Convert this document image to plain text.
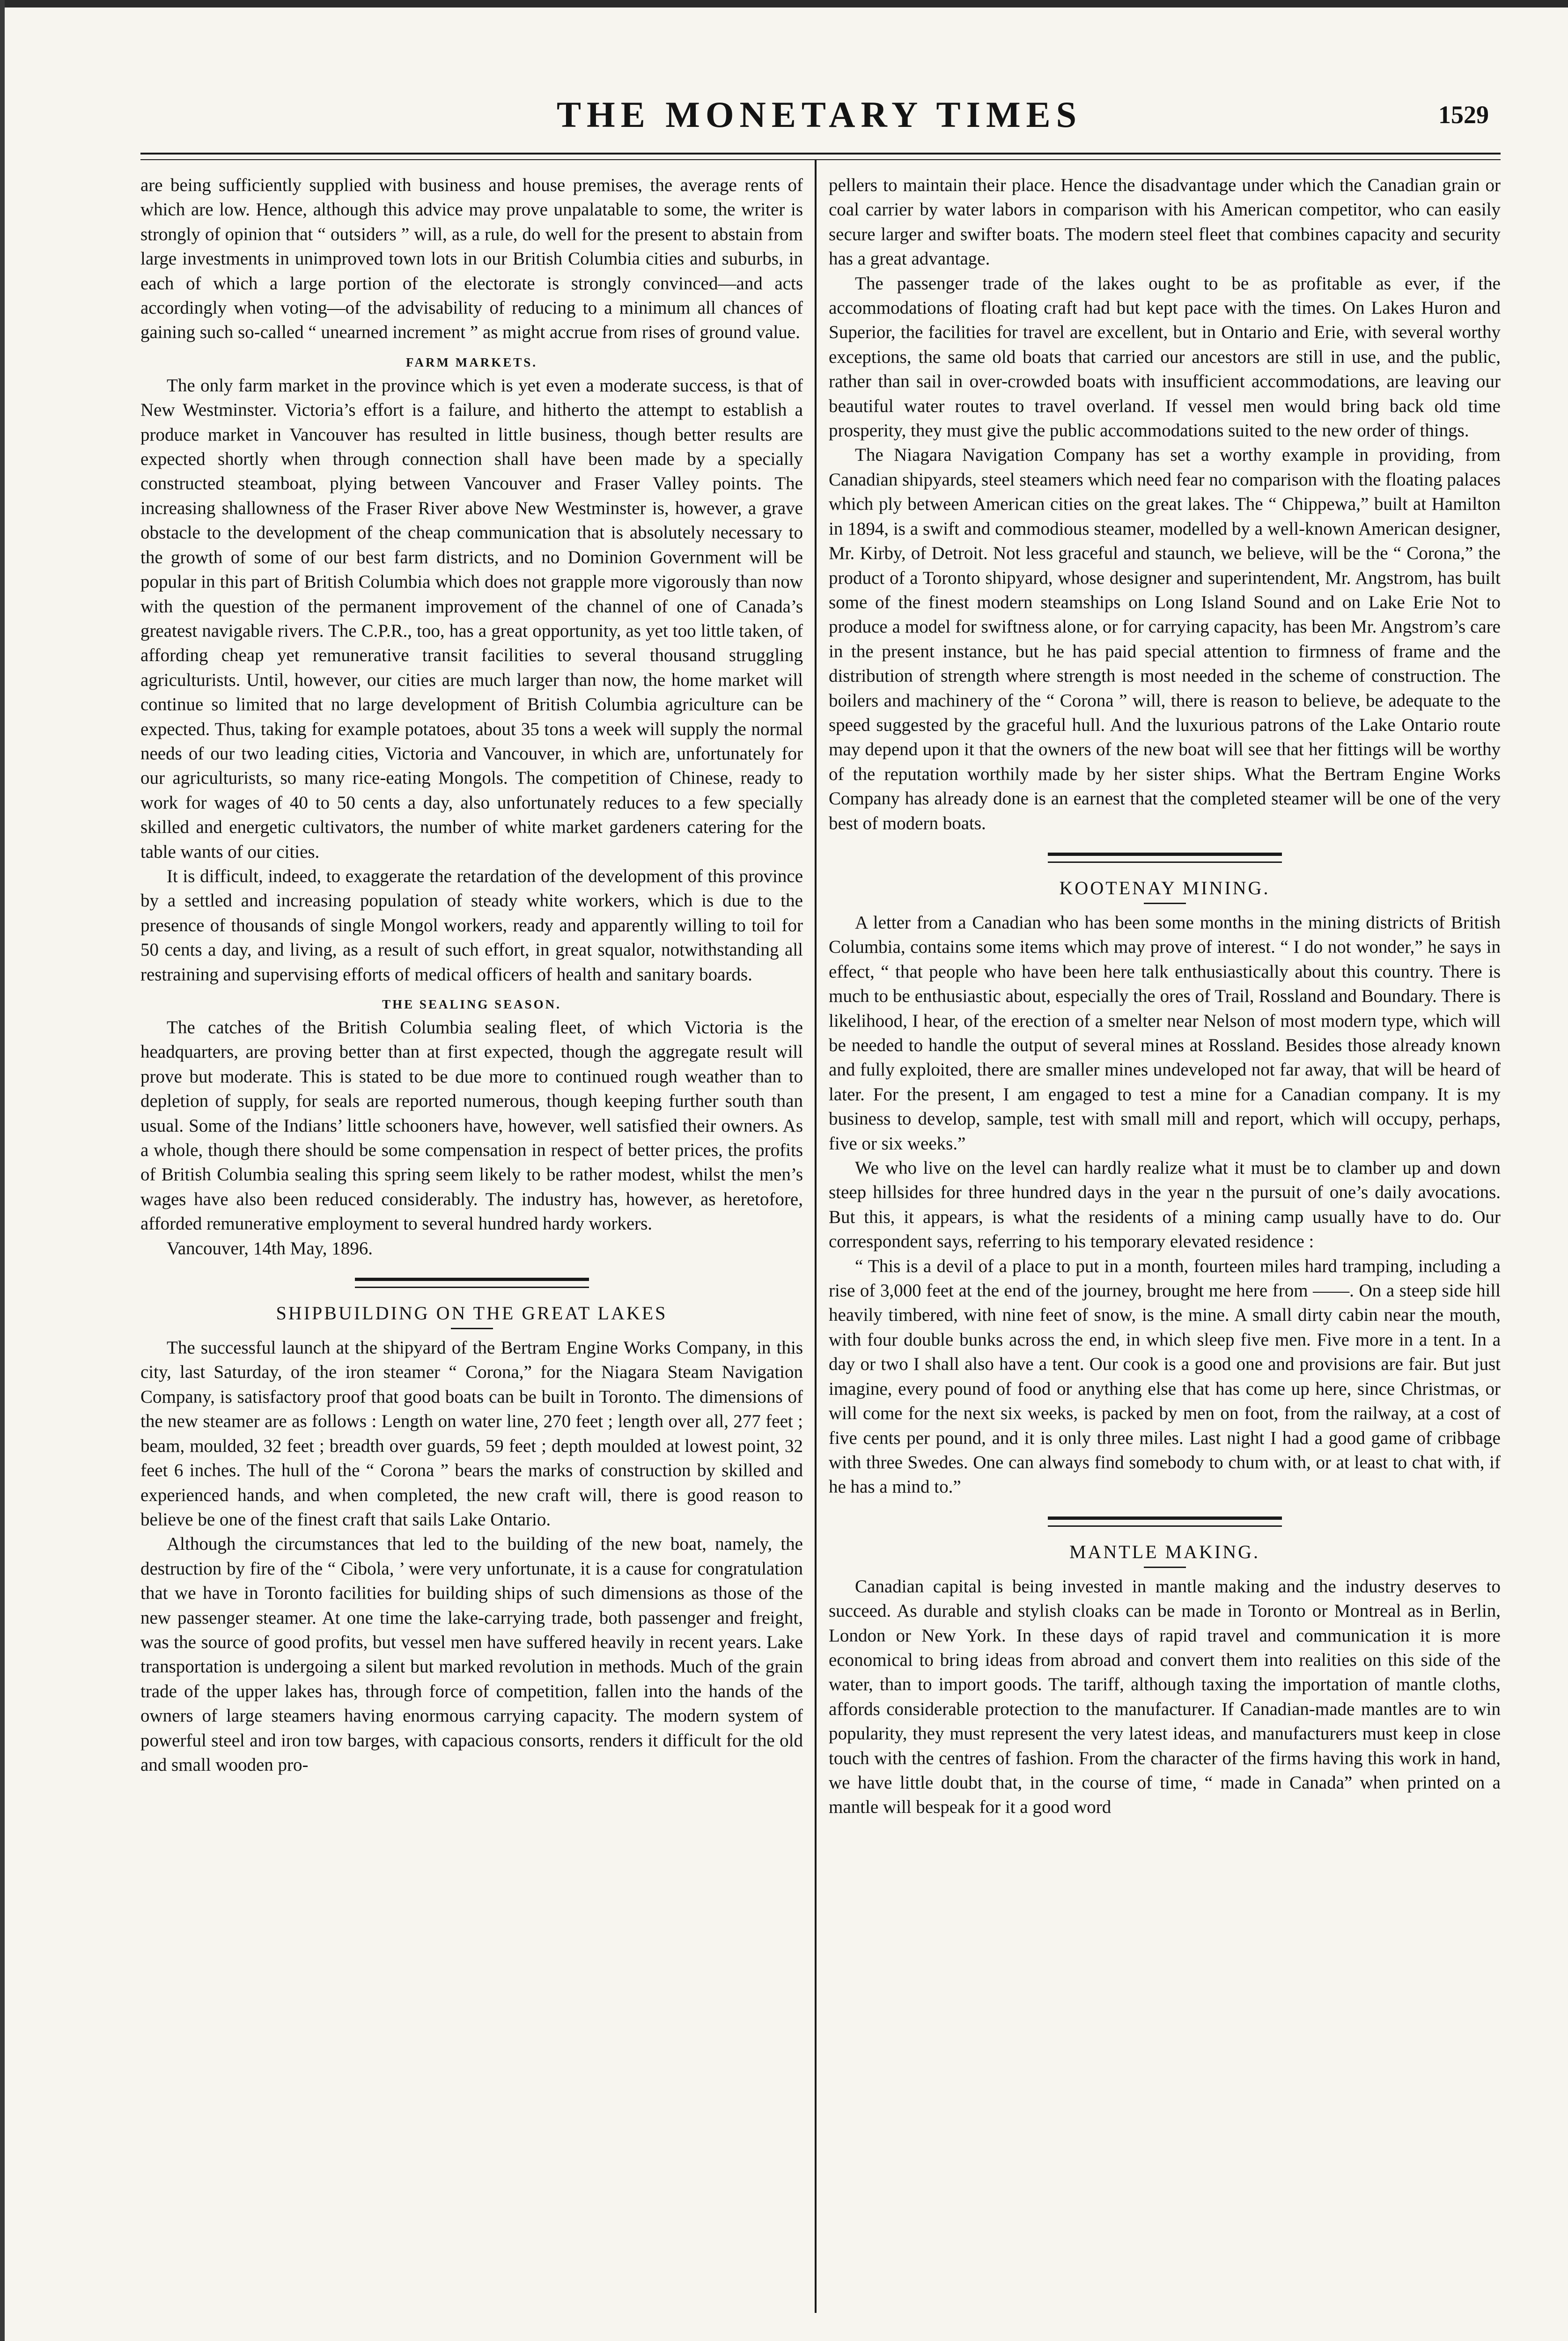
THE MONETARY TIMES	1529

are being sufficiently supplied with business and house premises, the average rents of which are low. Hence, although this advice may prove unpalatable to some, the writer is strongly of opinion that “ outsiders ” will, as a rule, do well for the present to abstain from large investments in unimproved town lots in our British Columbia cities and suburbs, in each of which a large portion of the electorate is strongly convinced—and acts accordingly when voting—of the advisability of reducing to a minimum all chances of gaining such so-called “ unearned increment ” as might accrue from rises of ground value.

FARM MARKETS.

The only farm market in the province which is yet even a moderate success, is that of New Westminster. Victoria’s effort is a failure, and hitherto the attempt to establish a produce market in Vancouver has resulted in little business, though better results are expected shortly when through connection shall have been made by a specially constructed steamboat, plying between Vancouver and Fraser Valley points. The increasing shallowness of the Fraser River above New Westminster is, however, a grave obstacle to the development of the cheap communication that is absolutely necessary to the growth of some of our best farm districts, and no Dominion Government will be popular in this part of British Columbia which does not grapple more vigorously than now with the question of the permanent improvement of the channel of one of Canada’s greatest navigable rivers. The C.P.R., too, has a great opportunity, as yet too little taken, of affording cheap yet remunerative transit facilities to several thousand struggling agriculturists. Until, however, our cities are much larger than now, the home market will continue so limited that no large development of British Columbia agriculture can be expected. Thus, taking for example potatoes, about 35 tons a week will supply the normal needs of our two leading cities, Victoria and Vancouver, in which are, unfortunately for our agriculturists, so many rice-eating Mongols. The competition of Chinese, ready to work for wages of 40 to 50 cents a day, also unfortunately reduces to a few specially skilled and energetic cultivators, the number of white market gardeners catering for the table wants of our cities.

It is difficult, indeed, to exaggerate the retardation of the development of this province by a settled and increasing population of steady white workers, which is due to the presence of thousands of single Mongol workers, ready and apparently willing to toil for 50 cents a day, and living, as a result of such effort, in great squalor, notwithstanding all restraining and supervising efforts of medical officers of health and sanitary boards.

THE SEALING SEASON.

The catches of the British Columbia sealing fleet, of which Victoria is the headquarters, are proving better than at first expected, though the aggregate result will prove but moderate. This is stated to be due more to continued rough weather than to depletion of supply, for seals are reported numerous, though keeping further south than usual. Some of the Indians’ little schooners have, however, well satisfied their owners. As a whole, though there should be some compensation in respect of better prices, the profits of British Columbia sealing this spring seem likely to be rather modest, whilst the men’s wages have also been reduced considerably. The industry has, however, as heretofore, afforded remunerative employment to several hundred hardy workers.

Vancouver, 14th May, 1896.

SHIPBUILDING ON THE GREAT LAKES

The successful launch at the shipyard of the Bertram Engine Works Company, in this city, last Saturday, of the iron steamer “ Corona,” for the Niagara Steam Navigation Company, is satisfactory proof that good boats can be built in Toronto. The dimensions of the new steamer are as follows : Length on water line, 270 feet ; length over all, 277 feet ; beam, moulded, 32 feet ; breadth over guards, 59 feet ; depth moulded at lowest point, 32 feet 6 inches. The hull of the “ Corona ” bears the marks of construction by skilled and experienced hands, and when completed, the new craft will, there is good reason to believe be one of the finest craft that sails Lake Ontario.

Although the circumstances that led to the building of the new boat, namely, the destruction by fire of the “ Cibola, ’ were very unfortunate, it is a cause for congratulation that we have in Toronto facilities for building ships of such dimensions as those of the new passenger steamer. At one time the lake-carrying trade, both passenger and freight, was the source of good profits, but vessel men have suffered heavily in recent years. Lake transportation is undergoing a silent but marked revolution in methods. Much of the grain trade of the upper lakes has, through force of competition, fallen into the hands of the owners of large steamers having enormous carrying capacity. The modern system of powerful steel and iron tow barges, with capacious consorts, renders it difficult for the old and small wooden pro-

pellers to maintain their place. Hence the disadvantage under which the Canadian grain or coal carrier by water labors in comparison with his American competitor, who can easily secure larger and swifter boats. The modern steel fleet that combines capacity and security has a great advantage.

The passenger trade of the lakes ought to be as profitable as ever, if the accommodations of floating craft had but kept pace with the times. On Lakes Huron and Superior, the facilities for travel are excellent, but in Ontario and Erie, with several worthy exceptions, the same old boats that carried our ancestors are still in use, and the public, rather than sail in over-crowded boats with insufficient accommodations, are leaving our beautiful water routes to travel overland. If vessel men would bring back old time prosperity, they must give the public accommodations suited to the new order of things.

The Niagara Navigation Company has set a worthy example in providing, from Canadian shipyards, steel steamers which need fear no comparison with the floating palaces which ply between American cities on the great lakes. The “ Chippewa,” built at Hamilton in 1894, is a swift and commodious steamer, modelled by a well-known American designer, Mr. Kirby, of Detroit. Not less graceful and staunch, we believe, will be the “ Corona,” the product of a Toronto shipyard, whose designer and superintendent, Mr. Angstrom, has built some of the finest modern steamships on Long Island Sound and on Lake Erie Not to produce a model for swiftness alone, or for carrying capacity, has been Mr. Angstrom’s care in the present instance, but he has paid special attention to firmness of frame and the distribution of strength where strength is most needed in the scheme of construction. The boilers and machinery of the “ Corona ” will, there is reason to believe, be adequate to the speed suggested by the graceful hull. And the luxurious patrons of the Lake Ontario route may depend upon it that the owners of the new boat will see that her fittings will be worthy of the reputation worthily made by her sister ships. What the Bertram Engine Works Company has already done is an earnest that the completed steamer will be one of the very best of modern boats.

KOOTENAY MINING.

A letter from a Canadian who has been some months in the mining districts of British Columbia, contains some items which may prove of interest. “ I do not wonder,” he says in effect, “ that people who have been here talk enthusiastically about this country. There is much to be enthusiastic about, especially the ores of Trail, Rossland and Boundary. There is likelihood, I hear, of the erection of a smelter near Nelson of most modern type, which will be needed to handle the output of several mines at Rossland. Besides those already known and fully exploited, there are smaller mines undeveloped not far away, that will be heard of later. For the present, I am engaged to test a mine for a Canadian company. It is my business to develop, sample, test with small mill and report, which will occupy, perhaps, five or six weeks.”

We who live on the level can hardly realize what it must be to clamber up and down steep hillsides for three hundred days in the year n the pursuit of one’s daily avocations. But this, it appears, is what the residents of a mining camp usually have to do. Our correspondent says, referring to his temporary elevated residence :

“ This is a devil of a place to put in a month, fourteen miles hard tramping, including a rise of 3,000 feet at the end of the journey, brought me here from ——. On a steep side hill heavily timbered, with nine feet of snow, is the mine. A small dirty cabin near the mouth, with four double bunks across the end, in which sleep five men. Five more in a tent. In a day or two I shall also have a tent. Our cook is a good one and provisions are fair. But just imagine, every pound of food or anything else that has come up here, since Christmas, or will come for the next six weeks, is packed by men on foot, from the railway, at a cost of five cents per pound, and it is only three miles. Last night I had a good game of cribbage with three Swedes. One can always find somebody to chum with, or at least to chat with, if he has a mind to.”

MANTLE MAKING.

Canadian capital is being invested in mantle making and the industry deserves to succeed. As durable and stylish cloaks can be made in Toronto or Montreal as in Berlin, London or New York. In these days of rapid travel and communication it is more economical to bring ideas from abroad and convert them into realities on this side of the water, than to import goods. The tariff, although taxing the importation of mantle cloths, affords considerable protection to the manufacturer. If Canadian-made mantles are to win popularity, they must represent the very latest ideas, and manufacturers must keep in close touch with the centres of fashion. From the character of the firms having this work in hand, we have little doubt that, in the course of time, “ made in Canada” when printed on a mantle will bespeak for it a good word
